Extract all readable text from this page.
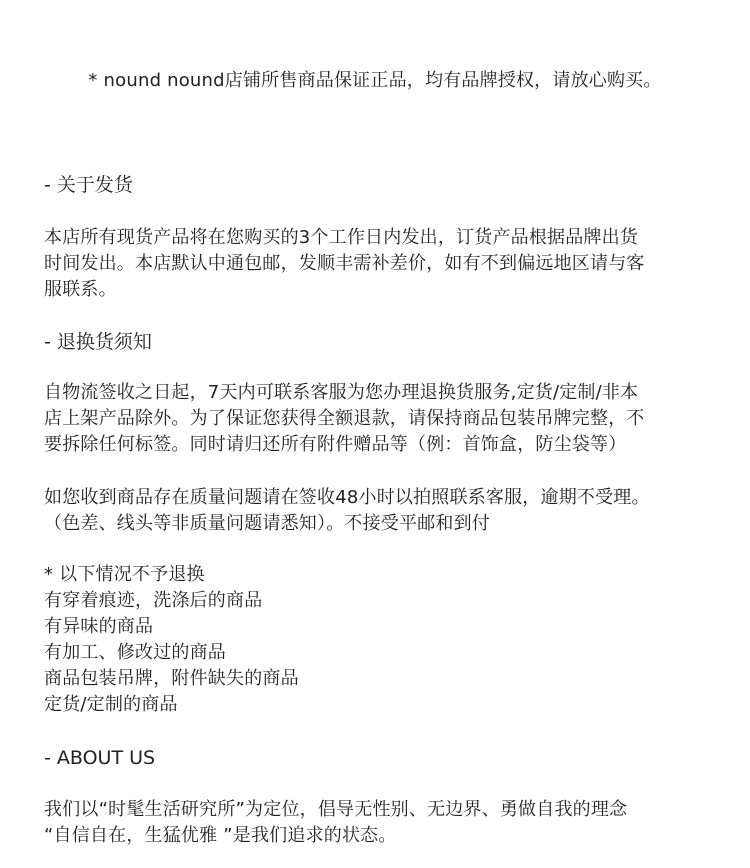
* nound nound店铺所售商品保证正品，均有品牌授权，请放心购买。
- 关于发货
本店所有现货产品将在您购买的3个工作日内发出，订货产品根据品牌出货
时间发出。本店默认中通包邮，发顺丰需补差价，如有不到偏远地区请与客
服联系。
- 退换货须知
自物流签收之日起，7天内可联系客服为您办理退换货服务,定货/定制/非本
店上架产品除外。为了保证您获得全额退款，请保持商品包装吊牌完整，不
要拆除任何标签。同时请归还所有附件赠品等（例：首饰盒，防尘袋等）
如您收到商品存在质量问题请在签收48小时以拍照联系客服，逾期不受理。
（色差、线头等非质量问题请悉知）。不接受平邮和到付
* 以下情况不予退换
有穿着痕迹，洗涤后的商品
有异味的商品
有加工、修改过的商品
商品包装吊牌，附件缺失的商品
定货/定制的商品
- ABOUT US
我们以“时髦生活研究所”为定位，倡导无性别、无边界、勇做自我的理念
“自信自在，生猛优雅 ”是我们追求的状态。
